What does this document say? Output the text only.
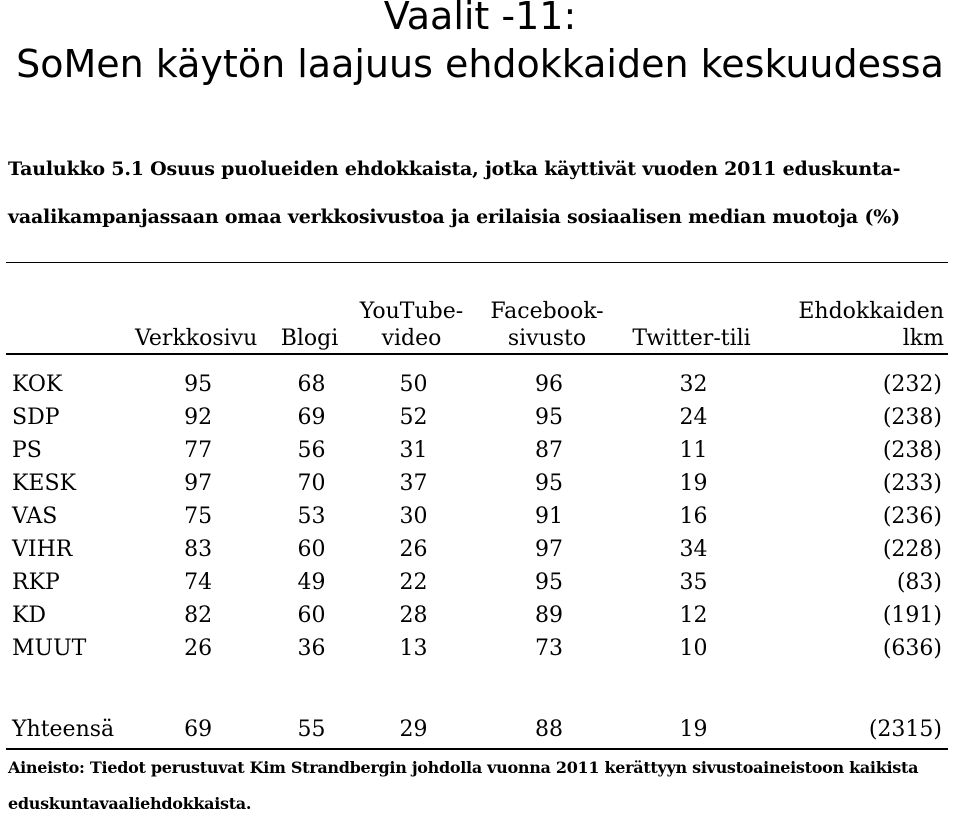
Vaalit -11:
SoMen käytön laajuus ehdokkaiden keskuudessa
Taulukko 5.1 Osuus puolueiden ehdokkaista, jotka käyttivät vuoden 2011 eduskunta-
vaalikampanjassaan omaa verkkosivustoa ja erilaisia sosiaalisen median muotoja (%)

Verkkosivu	Blogi	YouTube-
video	Facebook-
sivusto	Twitter-tili	Ehdokkaiden
lkm

KOK	95	68	50	96	32	(232)
SDP	92	69	52	95	24	(238)
PS	77	56	31	87	11	(238)
KESK	97	70	37	95	19	(233)
VAS	75	53	30	91	16	(236)
VIHR	83	60	26	97	34	(228)
RKP	74	49	22	95	35	(83)
KD	82	60	28	89	12	(191)
MUUT	26	36	13	73	10	(636)

Yhteensä	69	55	29	88	19	(2315)
Aineisto: Tiedot perustuvat Kim Strandbergin johdolla vuonna 2011 kerättyyn sivustoaineistoon kaikista
eduskuntavaaliehdokkaista.
